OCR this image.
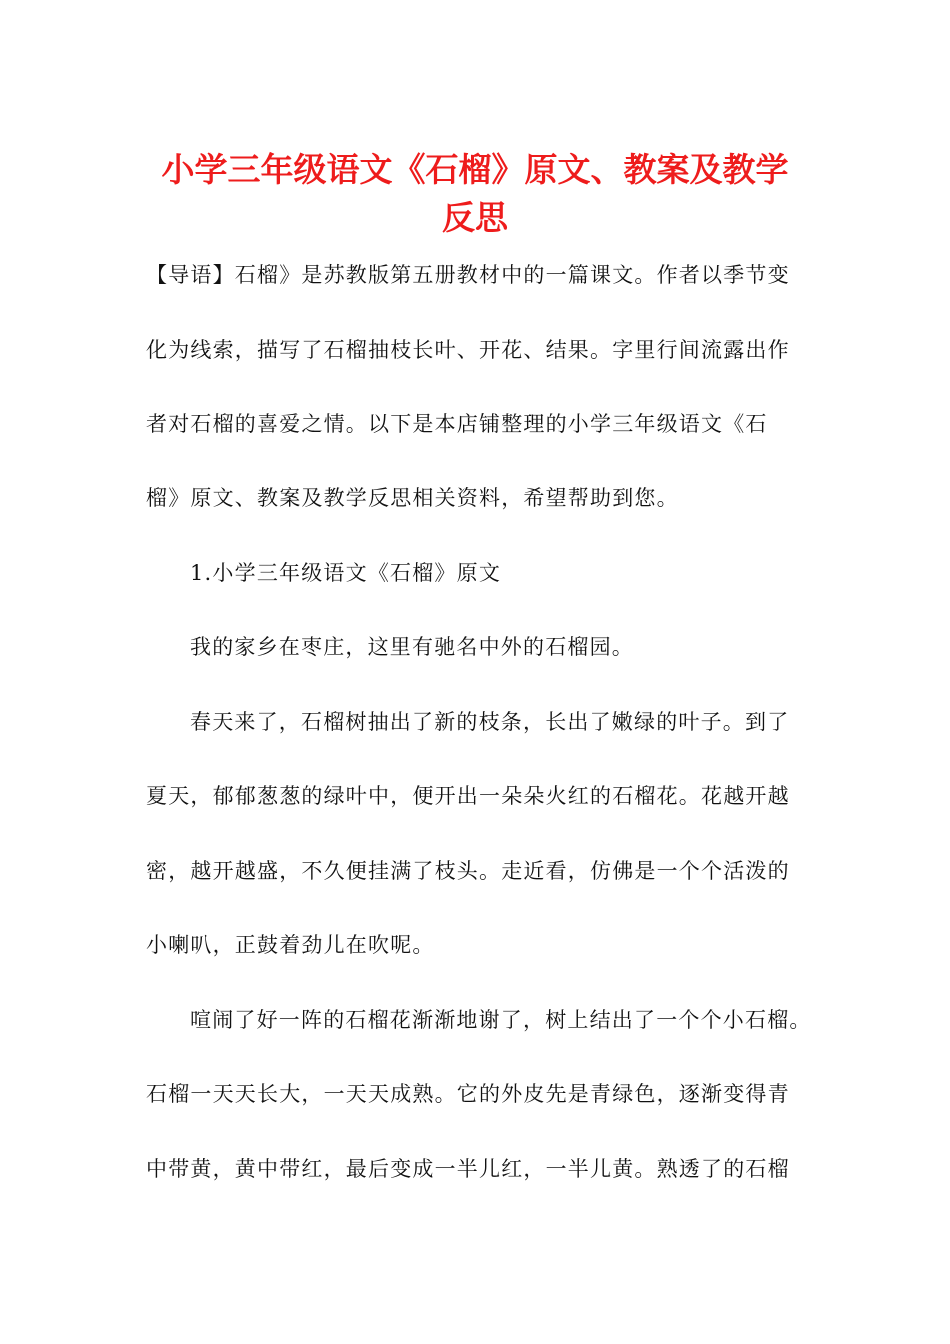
小学三年级语文《石榴》原文、教案及教学
反思

【导语】石榴》是苏教版第五册教材中的一篇课文。作者以季节变

化为线索，描写了石榴抽枝长叶、开花、结果。字里行间流露出作

者对石榴的喜爱之情。以下是本店铺整理的小学三年级语文《石

榴》原文、教案及教学反思相关资料，希望帮助到您。

1.小学三年级语文《石榴》原文

我的家乡在枣庄，这里有驰名中外的石榴园。

春天来了，石榴树抽出了新的枝条，长出了嫩绿的叶子。到了

夏天，郁郁葱葱的绿叶中，便开出一朵朵火红的石榴花。花越开越

密，越开越盛，不久便挂满了枝头。走近看，仿佛是一个个活泼的

小喇叭，正鼓着劲儿在吹呢。

喧闹了好一阵的石榴花渐渐地谢了，树上结出了一个个小石榴。

石榴一天天长大，一天天成熟。它的外皮先是青绿色，逐渐变得青

中带黄，黄中带红，最后变成一半儿红，一半儿黄。熟透了的石榴
